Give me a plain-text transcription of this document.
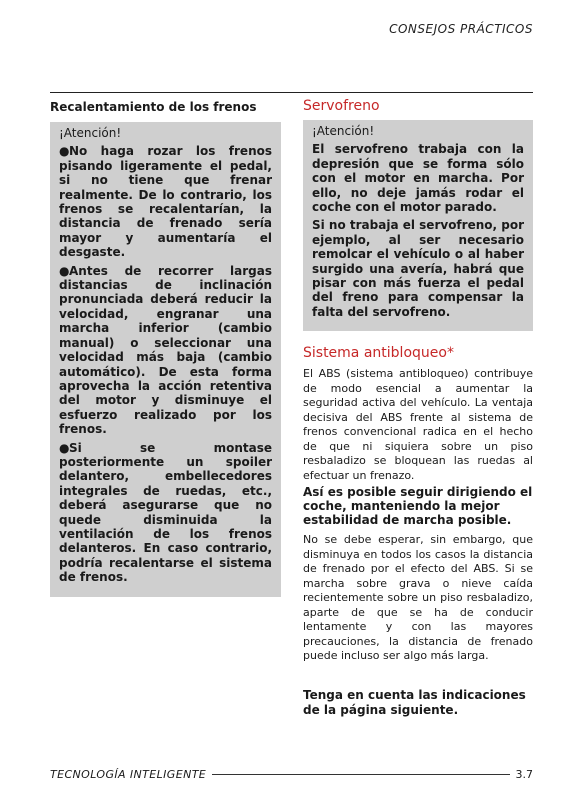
CONSEJOS PRÁCTICOS
Recalentamiento de los frenos

¡Atención!

●No haga rozar los frenos pisando ligeramente el pedal, si no tiene que frenar realmente. De lo contrario, los frenos se recalentarían, la distancia de frenado sería mayor y aumentaría el desgaste.

●Antes de recorrer largas distancias de inclinación pronunciada deberá reducir la velocidad, engranar una marcha inferior (cambio manual) o seleccionar una velocidad más baja (cambio automático). De esta forma aprovecha la acción retentiva del motor y disminuye el esfuerzo realizado por los frenos.

●Si se montase posteriormente un spoiler delantero, embellecedores integrales de ruedas, etc., deberá asegurarse que no quede disminuida la ventilación de los frenos delanteros. En caso contrario, podría recalentarse el sistema de frenos.

Servofreno

¡Atención!

El servofreno trabaja con la depresión que se forma sólo con el motor en marcha. Por ello, no deje jamás rodar el coche con el motor parado.

Si no trabaja el servofreno, por ejemplo, al ser necesario remolcar el vehículo o al haber surgido una avería, habrá que pisar con más fuerza el pedal del freno para compensar la falta del servofreno.

Sistema antibloqueo*

El ABS (sistema antibloqueo) contribuye de modo esencial a aumentar la seguridad activa del vehículo. La ventaja decisiva del ABS frente al sistema de frenos convencional radica en el hecho de que ni siquiera sobre un piso resbaladizo se bloquean las ruedas al efectuar un frenazo.

Así es posible seguir dirigiendo el coche, manteniendo la mejor estabilidad de marcha posible.

No se debe esperar, sin embargo, que disminuya en todos los casos la distancia de frenado por el efecto del ABS. Si se marcha sobre grava o nieve caída recientemente sobre un piso resbaladizo, aparte de que se ha de conducir lentamente y con las mayores precauciones, la distancia de frenado puede incluso ser algo más larga.

Tenga en cuenta las indicaciones de la página siguiente.

TECNOLOGÍA INTELIGENTE	3.7
